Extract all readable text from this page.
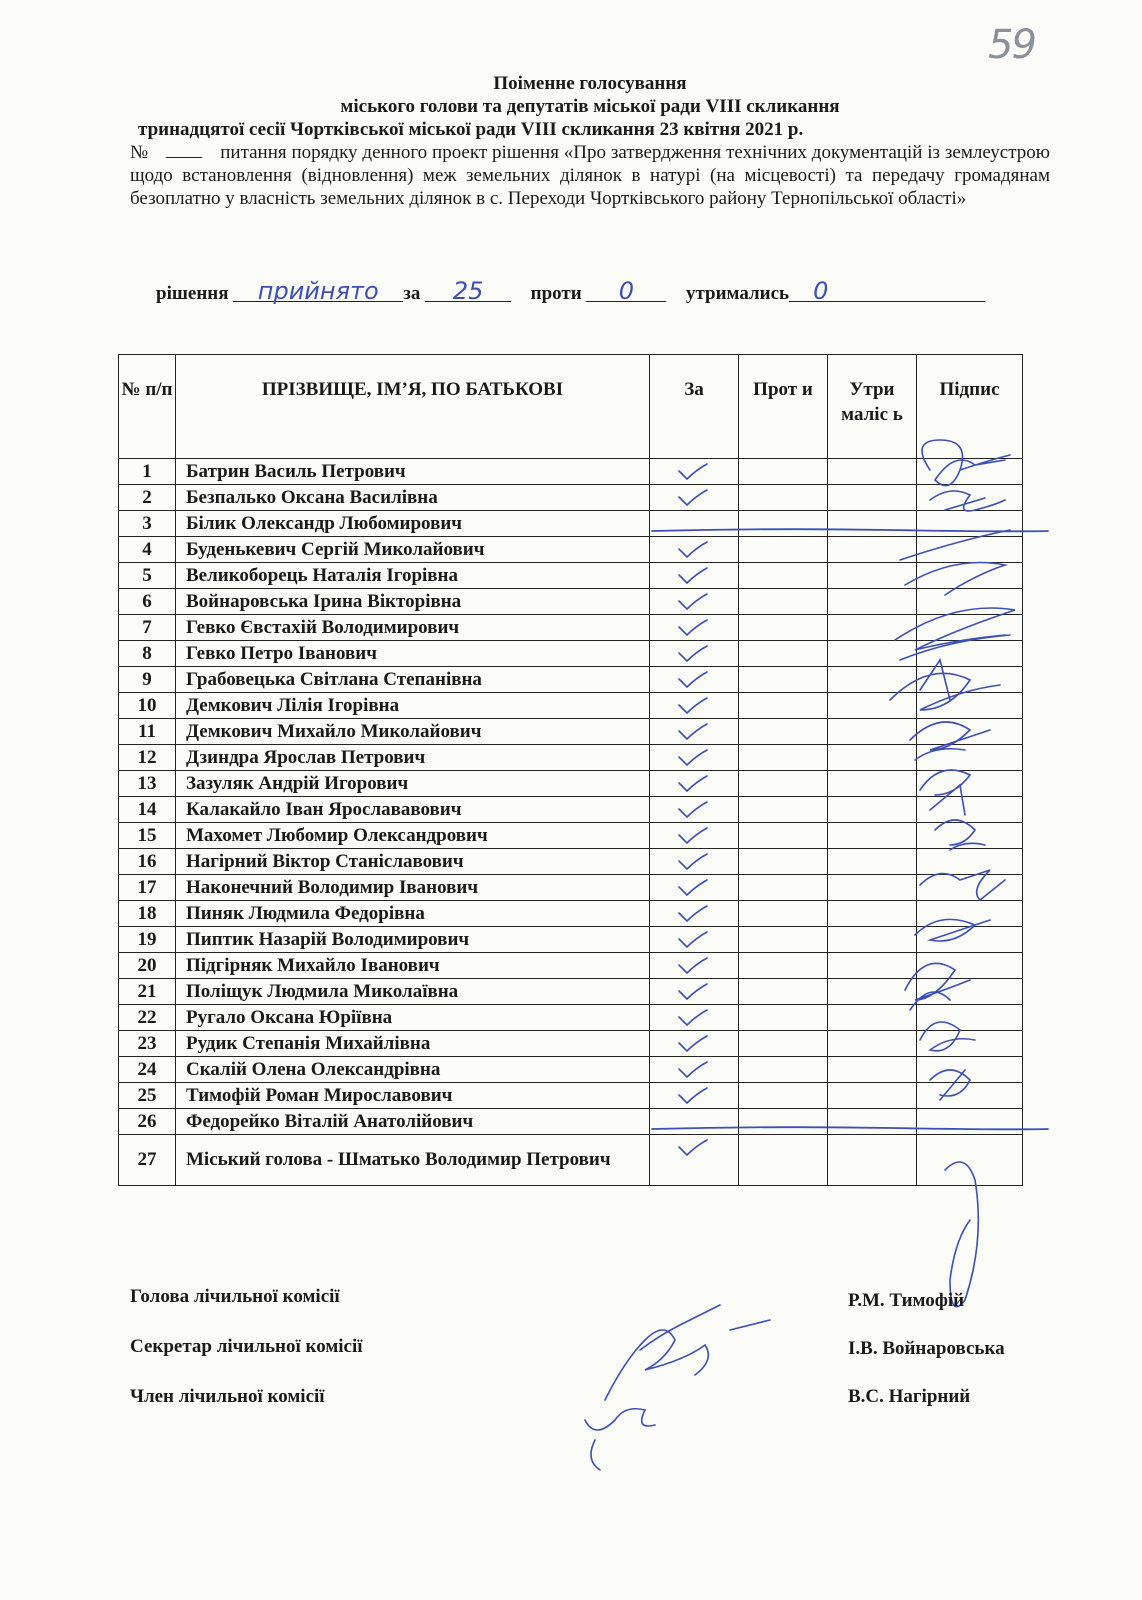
59
Поіменне голосування
міського голови та депутатів міської ради VIII скликання
тринадцятої сесії Чортківської міської ради VIII скликання 23 квітня 2021 р.
№	питання порядку денного проект рішення «Про затвердження технічних документацій із землеустрою щодо встановлення (відновлення) меж земельних ділянок в натурі (на місцевості) та передачу громадянам безоплатно у власність земельних ділянок в с. Переходи Чортківського району Тернопільської області»
рішення прийнято за 25 проти 0	утримались 0
№ п/п	ПРІЗВИЩЕ, ІМ’Я, ПО БАТЬКОВІ	За	Прот и	Утри маліс ь	Підпис
1	Батрин Василь Петрович	

2	Безпалько Оксана Василівна	

3	Білик Олександр Любомирович	

4	Буденькевич Сергій Миколайович	

5	Великоборець Наталія Ігорівна	

6	Войнаровська Ірина Вікторівна	

7	Гевко Євстахій Володимирович	

8	Гевко Петро Іванович	

9	Грабовецька Світлана Степанівна	

10	Демкович Лілія Ігорівна	

11	Демкович Михайло Миколайович	

12	Дзиндра Ярослав Петрович	

13	Зазуляк Андрій Игорович	

14	Калакайло Іван Ярослававович	

15	Махомет Любомир Олександрович	

16	Нагірний Віктор Станіславович	

17	Наконечний Володимир Іванович	

18	Пиняк Людмила Федорівна	

19	Пиптик Назарій Володимирович	

20	Підгірняк Михайло Іванович	

21	Поліщук Людмила Миколаївна	

22	Ругало Оксана Юріївна	

23	Рудик Степанія Михайлівна	

24	Скалій Олена Олександрівна	

25	Тимофій Роман Мирославович	

26	Федорейко Віталій Анатолійович	

27	Міський голова - Шматько Володимир Петрович	

Голова лічильної комісії
Секретар лічильної комісії
Член лічильної комісії
Р.М. Тимофій
І.В. Войнаровська
В.С. Нагірний
